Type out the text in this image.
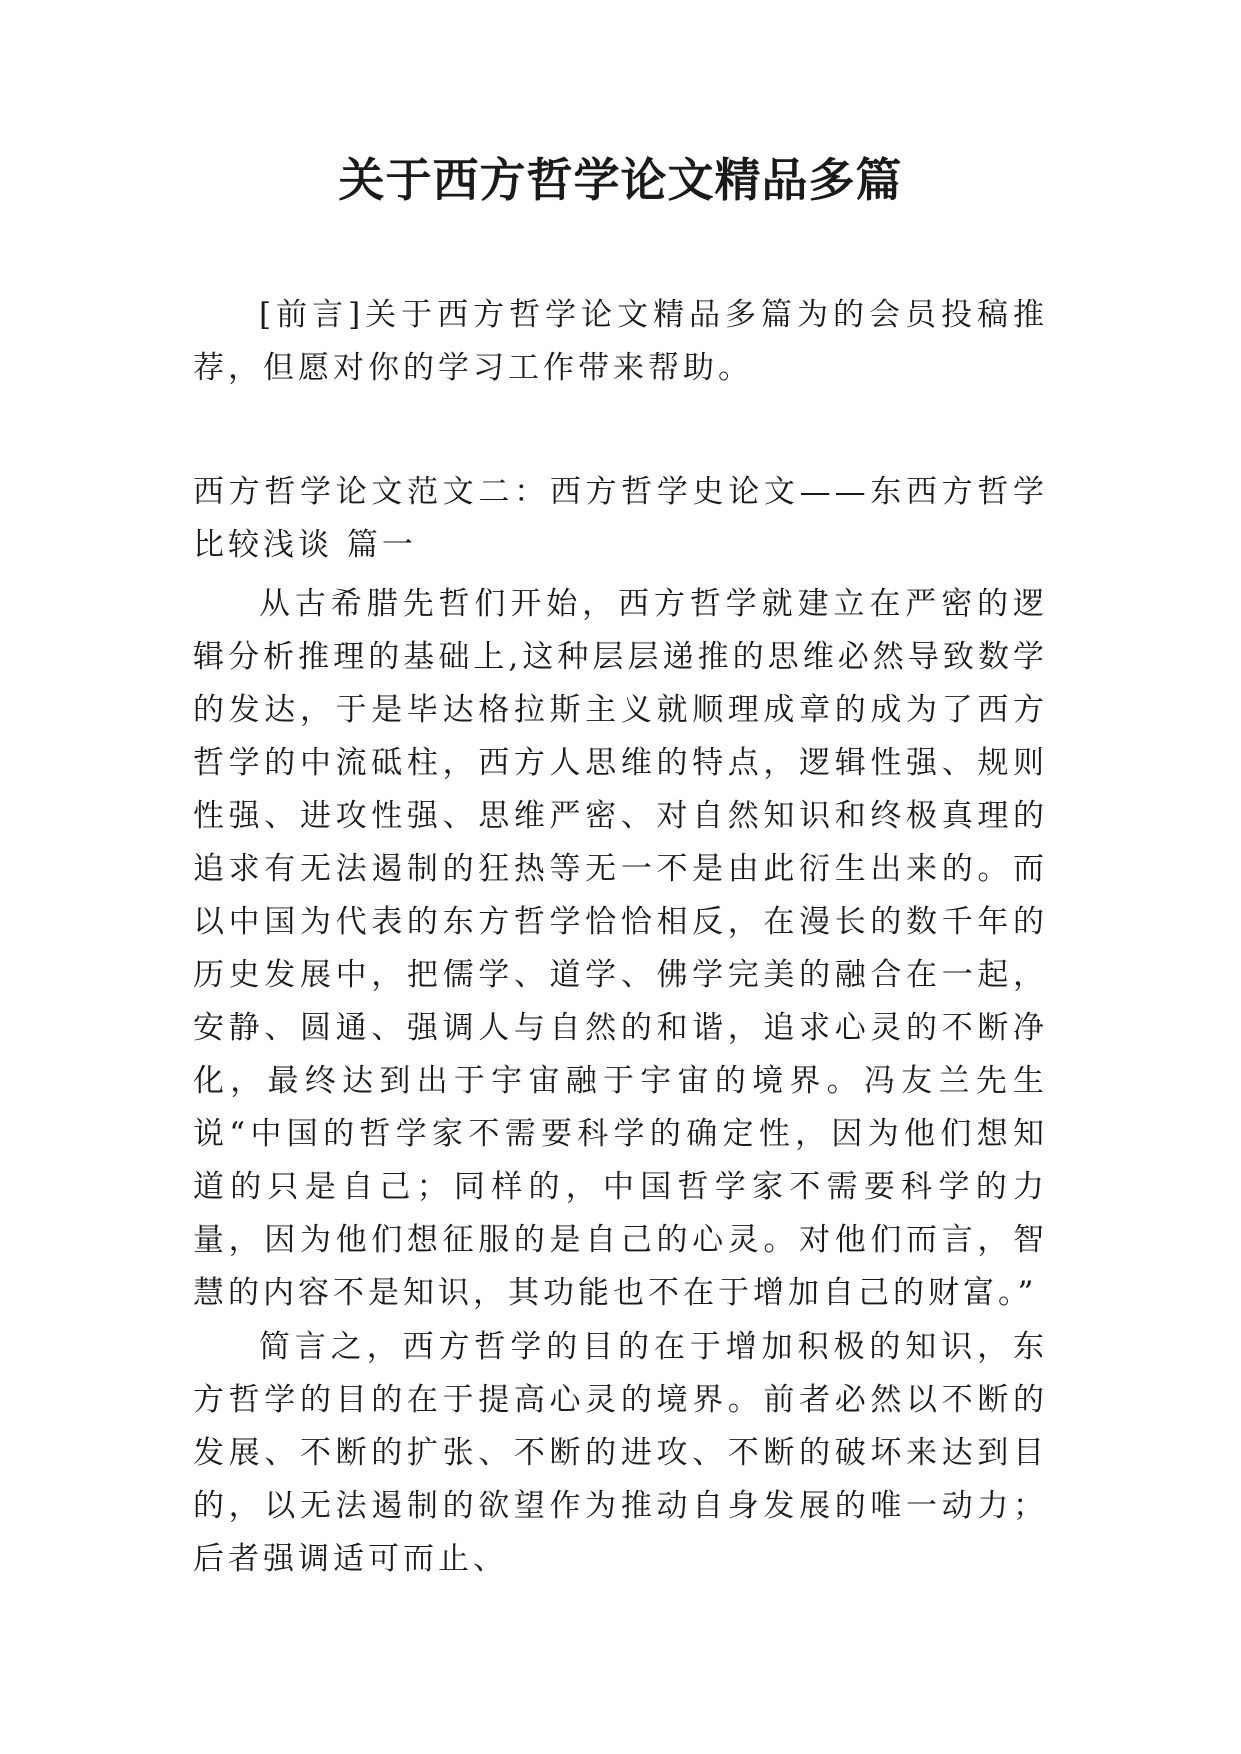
关于西方哲学论文精品多篇

[前言]关于西方哲学论文精品多篇为的会员投稿推荐，但愿对你的学习工作带来帮助。

西方哲学论文范文二：西方哲学史论文——东西方哲学比较浅谈 篇一

从古希腊先哲们开始，西方哲学就建立在严密的逻辑分析推理的基础上,这种层层递推的思维必然导致数学的发达，于是毕达格拉斯主义就顺理成章的成为了西方哲学的中流砥柱，西方人思维的特点，逻辑性强、规则性强、进攻性强、思维严密、对自然知识和终极真理的追求有无法遏制的狂热等无一不是由此衍生出来的。而以中国为代表的东方哲学恰恰相反，在漫长的数千年的历史发展中，把儒学、道学、佛学完美的融合在一起，安静、圆通、强调人与自然的和谐，追求心灵的不断净化，最终达到出于宇宙融于宇宙的境界。冯友兰先生说“中国的哲学家不需要科学的确定性，因为他们想知道的只是自己；同样的，中国哲学家不需要科学的力量，因为他们想征服的是自己的心灵。对他们而言，智慧的内容不是知识，其功能也不在于增加自己的财富。”

简言之，西方哲学的目的在于增加积极的知识，东方哲学的目的在于提高心灵的境界。前者必然以不断的发展、不断的扩张、不断的进攻、不断的破坏来达到目的，以无法遏制的欲望作为推动自身发展的唯一动力；后者强调适可而止、
